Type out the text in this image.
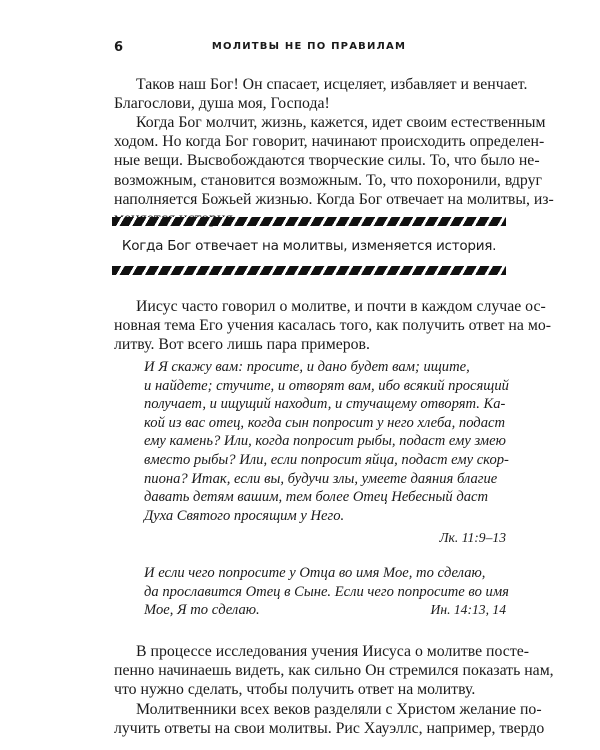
6	МОЛИТВЫ НЕ ПО ПРАВИЛАМ

Таков наш Бог! Он спасает, исцеляет, избавляет и венчает.
Благослови, душа моя, Господа!

Когда Бог молчит, жизнь, кажется, идет своим естественным
ходом. Но когда Бог говорит, начинают происходить определен-
ные вещи. Высвобождаются творческие силы. То, что было не-
возможным, становится возможным. То, что похоронили, вдруг
наполняется Божьей жизнью. Когда Бог отвечает на молитвы, из-

Когда Бог отвечает на молитвы, изменяется история.

Иисус часто говорил о молитве, и почти в каждом случае ос-
новная тема Его учения касалась того, как получить ответ на мо-
литву. Вот всего лишь пара примеров.

И Я скажу вам: просите, и дано будет вам; ищите,
и найдете; стучите, и отворят вам, ибо всякий просящий
получает, и ищущий находит, и стучащему отворят. Ка-
кой из вас отец, когда сын попросит у него хлеба, подаст
ему камень? Или, когда попросит рыбы, подаст ему змею
вместо рыбы? Или, если попросит яйца, подаст ему скор-
пиона? Итак, если вы, будучи злы, умеете даяния благие
давать детям вашим, тем более Отец Небесный даст
Духа Святого просящим у Него.

Лк. 11:9–13

И если чего попросите у Отца во имя Мое, то сделаю,
да прославится Отец в Сыне. Если чего попросите во имя
Мое, Я то сделаю.	Ин. 14:13, 14

В процессе исследования учения Иисуса о молитве посте-
пенно начинаешь видеть, как сильно Он стремился показать нам,
что нужно сделать, чтобы получить ответ на молитву.

Молитвенники всех веков разделяли с Христом желание по-
лучить ответы на свои молитвы. Рис Хауэллс, например, твердо
